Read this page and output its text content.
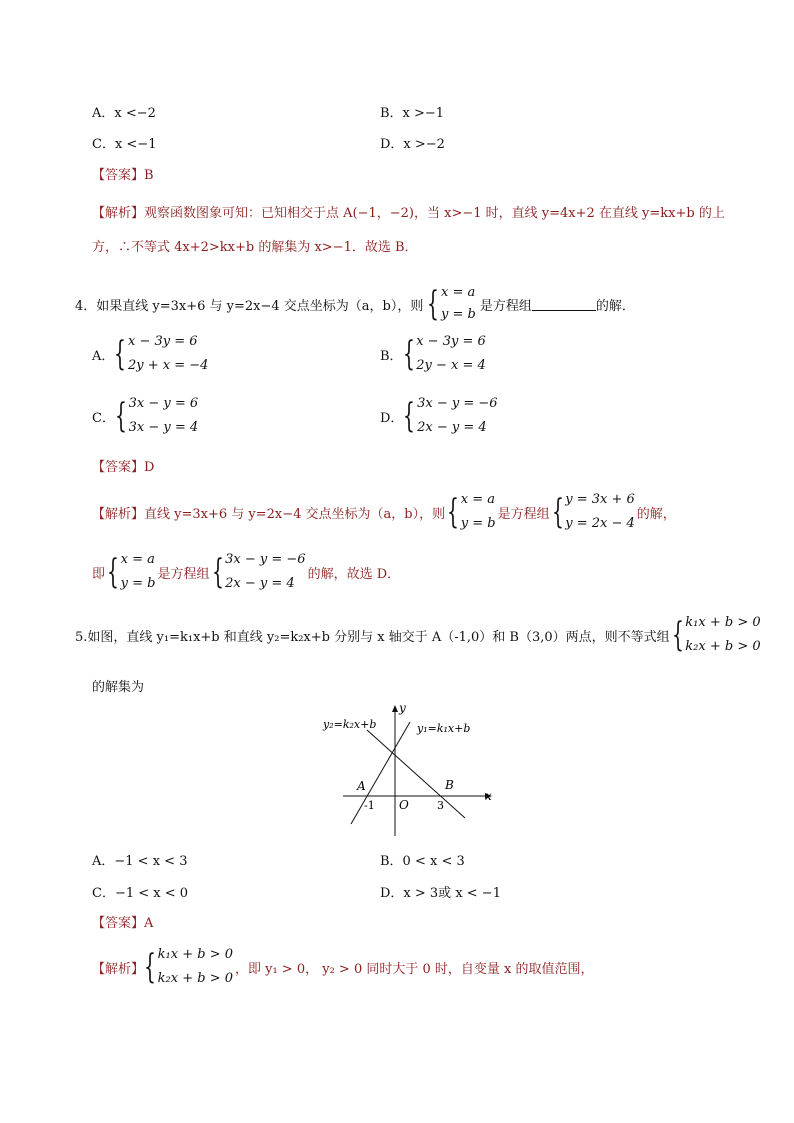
A．x <−2	B．x >−1
C．x <−1	D．x >−2
【答案】B
【解析】观察函数图象可知：已知相交于点 A(−1，−2)，当 x>−1 时，直线 y=4x+2 在直线 y=kx+b 的上
方，∴不等式 4x+2>kx+b 的解集为 x>−1．故选 B．
4．如果直线 y=3x+6 与 y=2x−4 交点坐标为（a，b），则 { x = a
y = b
是方程组	的解．
A． { x − 3y = 6
2y + x = −4
B． { x − 3y = 6
2y − x = 4
C． { 3x − y = 6
3x − y = 4
D． { 3x − y = −6
2x − y = 4
【答案】D
【解析】 直线 y=3x+6 与 y=2x−4 交点坐标为（a，b），则 { x = a
y = b
是方程组 { y = 3x + 6
y = 2x − 4
的解，
即 { x = a
y = b
是方程组 { 3x − y = −6
2x − y = 4
的解，故选 D．
5.如图，直线 y₁=k₁x+b 和直线 y₂=k₂x+b 分别与 x 轴交于 A（-1,0）和 B（3,0）两点，则不等式组 { k₁x + b > 0
k₂x + b > 0
的解集为
y₂=k₂x+b	y₁=k₁x+b
y
x
A	B
O
-1	3
A．−1 < x < 3	B．0 < x < 3
C．−1 < x < 0	D．x > 3或 x < −1
【答案】A
【解析】 { k₁x + b > 0
k₂x + b > 0
，即 y₁ > 0， y₂ > 0 同时大于 0 时，自变量 x 的取值范围，
